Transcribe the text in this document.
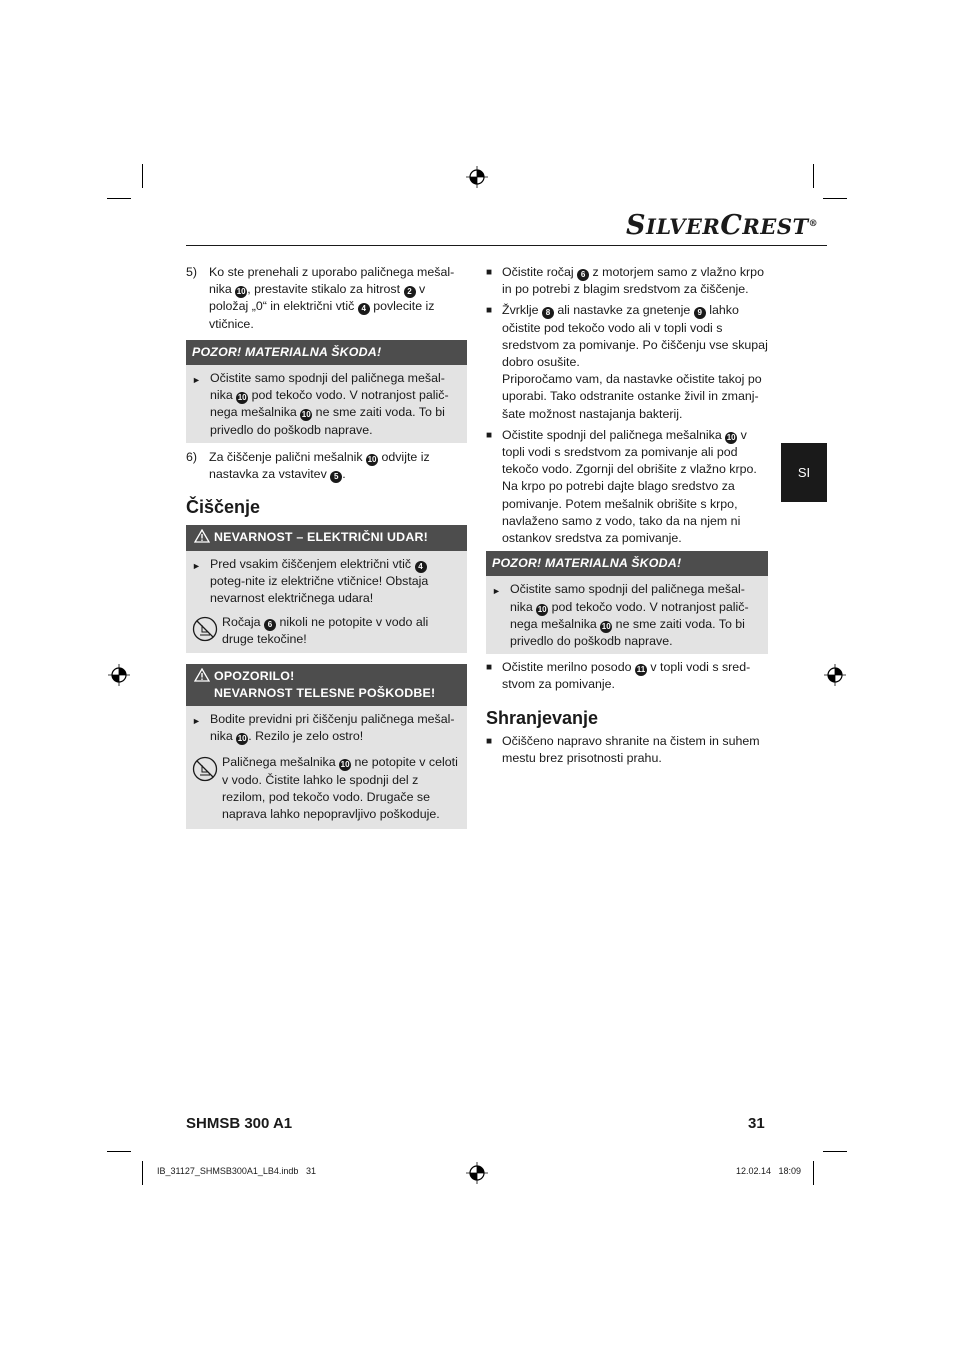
SILVERCREST®
5) Ko ste prenehali z uporabo paličnega mešal-nika 10 , prestavite stikalo za hitrost 2 v položaj „0“ in električni vtič 4 povlecite iz vtičnice.
POZOR! MATERIALNA ŠKODA!
► Očistite samo spodnji del paličnega mešal-nika 10 pod tekočo vodo. V notranjost palič-nega mešalnika 10 ne sme zaiti voda. To bi privedlo do poškodb naprave.
6) Za čiščenje palični mešalnik 10 odvijte iz nastavka za vstavitev 5 .
Čiščenje
NEVARNOST – ELEKTRIČNI UDAR!
► Pred vsakim čiščenjem električni vtič 4 poteg-nite iz električne vtičnice! Obstaja nevarnost električnega udara!
Ročaja 6 nikoli ne potopite v vodo ali druge tekočine!
OPOZORILO!
NEVARNOST TELESNE POŠKODBE!
► Bodite previdni pri čiščenju paličnega mešal-nika 10 . Rezilo je zelo ostro!
Paličnega mešalnika 10 ne potopite v celoti v vodo. Čistite lahko le spodnji del z rezilom, pod tekočo vodo. Drugače se naprava lahko nepopravljivo poškoduje.
■ Očistite ročaj 6 z motorjem samo z vlažno krpo in po potrebi z blagim sredstvom za čiščenje.
■ Žvrklje 8 ali nastavke za gnetenje 9 lahko očistite pod tekočo vodo ali v topli vodi s sredstvom za pomivanje. Po čiščenju vse skupaj dobro osušite.
Priporočamo vam, da nastavke očistite takoj po uporabi. Tako odstranite ostanke živil in zmanj-šate možnost nastajanja bakterij.
■ Očistite spodnji del paličnega mešalnika 10 v topli vodi s sredstvom za pomivanje ali pod tekočo vodo. Zgornji del obrišite z vlažno krpo. Na krpo po potrebi dajte blago sredstvo za pomivanje. Potem mešalnik obrišite s krpo, navlaženo samo z vodo, tako da na njem ni ostankov sredstva za pomivanje.
POZOR! MATERIALNA ŠKODA!
► Očistite samo spodnji del paličnega mešal-nika 10 pod tekočo vodo. V notranjost palič-nega mešalnika 10 ne sme zaiti voda. To bi privedlo do poškodb naprave.
■ Očistite merilno posodo 11 v topli vodi s sred-stvom za pomivanje.
Shranjevanje
■ Očiščeno napravo shranite na čistem in suhem mestu brez prisotnosti prahu.
SI
SHMSB 300 A1	31
IB_31127_SHMSB300A1_LB4.indb   31	12.02.14   18:09
